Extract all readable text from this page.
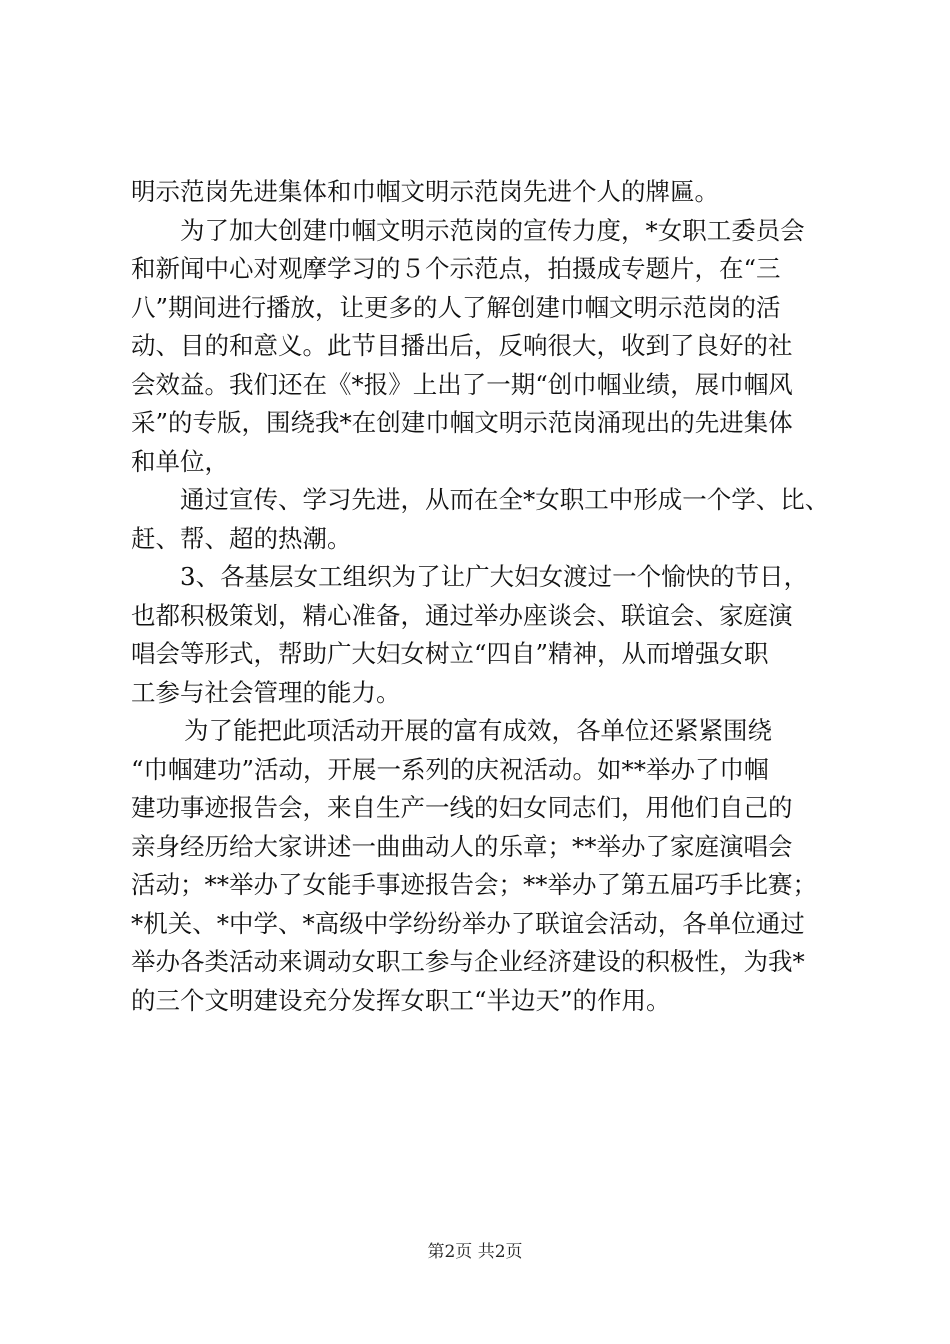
明示范岗先进集体和巾帼文明示范岗先进个人的牌匾。
为了加大创建巾帼文明示范岗的宣传力度，*女职工委员会
和新闻中心对观摩学习的５个示范点，拍摄成专题片，在“三
八”期间进行播放，让更多的人了解创建巾帼文明示范岗的活
动、目的和意义。此节目播出后，反响很大，收到了良好的社
会效益。我们还在《*报》上出了一期“创巾帼业绩，展巾帼风
采”的专版，围绕我*在创建巾帼文明示范岗涌现出的先进集体
和单位，
通过宣传、学习先进，从而在全*女职工中形成一个学、比、
赶、帮、超的热潮。
3、各基层女工组织为了让广大妇女渡过一个愉快的节日，
也都积极策划，精心准备，通过举办座谈会、联谊会、家庭演
唱会等形式，帮助广大妇女树立“四自”精神，从而增强女职
工参与社会管理的能力。
为了能把此项活动开展的富有成效，各单位还紧紧围绕
“巾帼建功”活动，开展一系列的庆祝活动。如**举办了巾帼
建功事迹报告会，来自生产一线的妇女同志们，用他们自己的
亲身经历给大家讲述一曲曲动人的乐章；**举办了家庭演唱会
活动；**举办了女能手事迹报告会；**举办了第五届巧手比赛；
*机关、*中学、*高级中学纷纷举办了联谊会活动，各单位通过
举办各类活动来调动女职工参与企业经济建设的积极性，为我*
的三个文明建设充分发挥女职工“半边天”的作用。
第2页 共2页
